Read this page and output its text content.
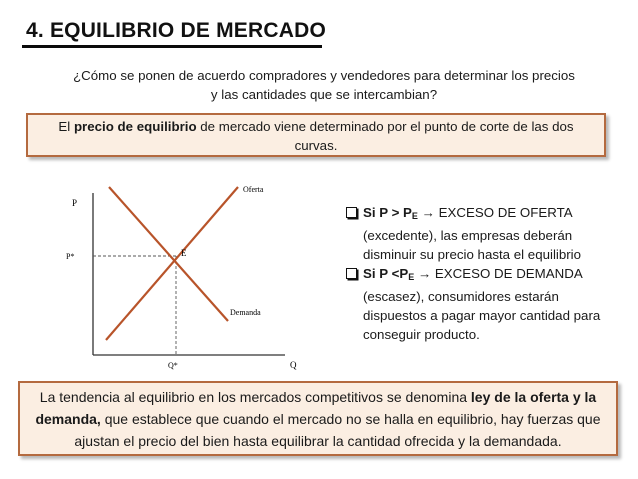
4. EQUILIBRIO DE MERCADO
¿Cómo se ponen de acuerdo compradores y vendedores para determinar los precios
y las cantidades que se intercambian?

El precio de equilibrio de mercado viene determinado por el punto de corte de las dos curvas.

P
Q
P*
Q*
E
Oferta
Demanda
Si $P > P_E$ → EXCESO DE OFERTA (excedente), las empresas deberán disminuir su precio hasta el equilibrio
Si $P <P_E$ → EXCESO DE DEMANDA (escasez), consumidores estarán dispuestos a pagar mayor cantidad para conseguir producto.

La tendencia al equilibrio en los mercados competitivos se denomina ley de la oferta y la demanda, que establece que cuando el mercado no se halla en equilibrio, hay fuerzas que ajustan el precio del bien hasta equilibrar la cantidad ofrecida y la demandada.
